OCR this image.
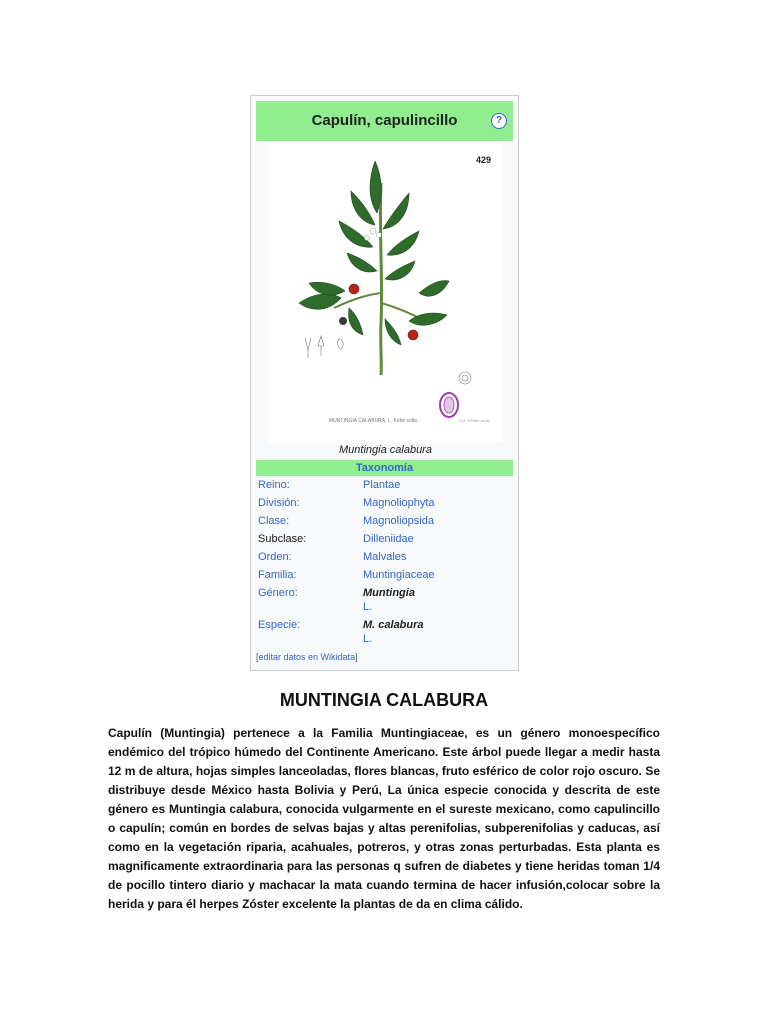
Capulín, capulincillo	?
429
MUNTINGIA CALABURA, L. Kobe solla	H.A. Köhler sculp.
Muntingia calabura
Taxonomía
Reino:	Plantae
División:	Magnoliophyta
Clase:	Magnoliopsida
Subclase:	Dilleniidae
Orden:	Malvales
Familia:	Muntingiaceae
Género:	Muntingia
L.
Especie:	M. calabura
L.
[editar datos en Wikidata]
MUNTINGIA CALABURA
Capulín (Muntingia) pertenece a la Familia Muntingiaceae, es un género monoespecífico endémico del trópico húmedo del Continente Americano. Este árbol puede llegar a medir hasta 12 m de altura, hojas simples lanceoladas, flores blancas, fruto esférico de color rojo oscuro. Se distribuye desde México hasta Bolivia y Perú, La única especie conocida y descrita de este género es Muntingia calabura, conocida vulgarmente en el sureste mexicano, como capulincillo o capulín; común en bordes de selvas bajas y altas perenifolias, subperenifolias y caducas, así como en la vegetación riparia, acahuales, potreros, y otras zonas perturbadas. Esta planta es magnificamente extraordinaria para las personas q sufren de diabetes y tiene heridas toman 1/4 de pocillo tintero diario y machacar la mata cuando termina de hacer infusión,colocar sobre la herida y para él herpes Zóster excelente la plantas de da en clima cálido.
